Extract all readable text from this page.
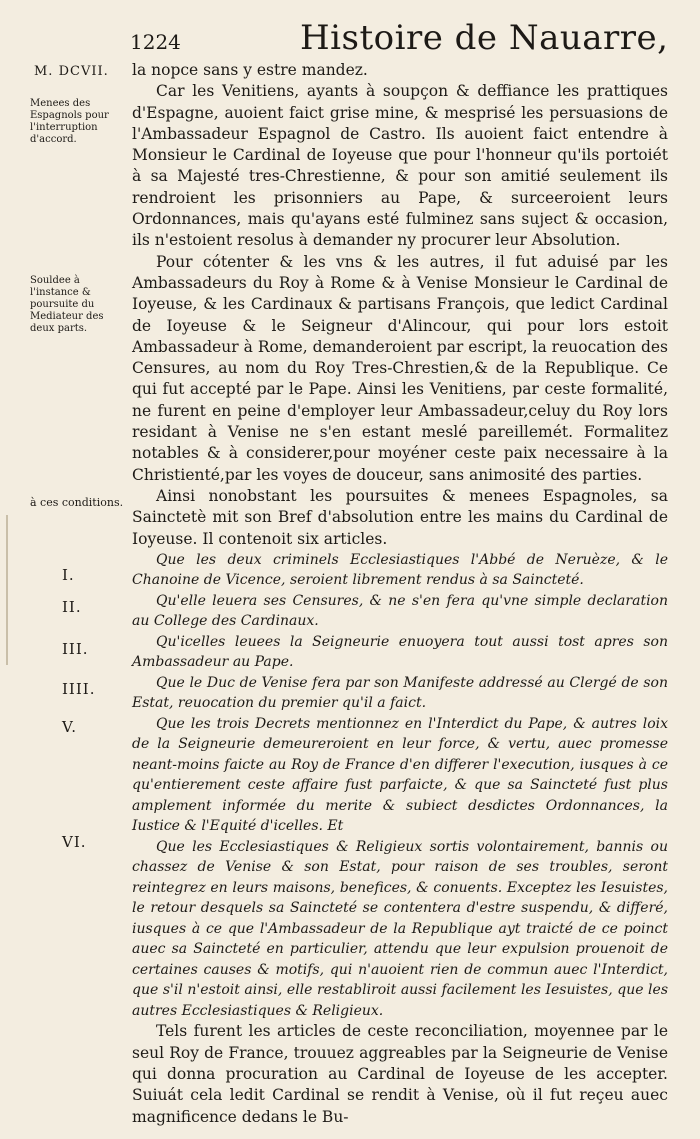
1224	Histoire de Nauarre,
M. DCVII.
Menees des Espagnols pour l'interruption d'accord.
Souldee à l'instance & poursuite du Mediateur des deux parts.
à ces conditions.
I.
II.
III.
IIII.
V.
VI.

la nopce sans y estre mandez.

Car les Venitiens, ayants à soupçon & deffiance les prattiques d'Espagne, auoient faict grise mine, & mesprisé les persuasions de l'Ambassadeur Espagnol de Castro. Ils auoient faict entendre à Monsieur le Cardinal de Ioyeuse que pour l'honneur qu'ils portoiét à sa Majesté tres-Chrestienne, & pour son amitié seulement ils rendroient les prisonniers au Pape, & surceeroient leurs Ordonnances, mais qu'ayans esté fulminez sans suject & occasion, ils n'estoient resolus à demander ny procurer leur Absolution.

Pour cótenter & les vns & les autres, il fut aduisé par les Ambassadeurs du Roy à Rome & à Venise Monsieur le Cardinal de Ioyeuse, & les Cardinaux & partisans François, que ledict Cardinal de Ioyeuse & le Seigneur d'Alincour, qui pour lors estoit Ambassadeur à Rome, demanderoient par escript, la reuocation des Censures, au nom du Roy Tres-Chrestien,& de la Republique. Ce qui fut accepté par le Pape. Ainsi les Venitiens, par ceste formalité, ne furent en peine d'employer leur Ambassadeur,celuy du Roy lors residant à Venise ne s'en estant meslé pareillemét. Formalitez notables & à considerer,pour moyéner ceste paix necessaire à la Christienté,par les voyes de douceur, sans animosité des parties.

Ainsi nonobstant les poursuites & menees Espagnoles, sa Sainctetè mit son Bref d'absolution entre les mains du Cardinal de Ioyeuse. Il contenoit six articles.

Que les deux criminels Ecclesiastiques l'Abbé de Neruèze, & le Chanoine de Vicence, seroient librement rendus à sa Saincteté.

Qu'elle leuera ses Censures, & ne s'en fera qu'vne simple declaration au College des Cardinaux.

Qu'icelles leuees la Seigneurie enuoyera tout aussi tost apres son Ambassadeur au Pape.

Que le Duc de Venise fera par son Manifeste addressé au Clergé de son Estat, reuocation du premier qu'il a faict.

Que les trois Decrets mentionnez en l'Interdict du Pape, & autres loix de la Seigneurie demeureroient en leur force, & vertu, auec promesse neant-moins faicte au Roy de France d'en differer l'execution, iusques à ce qu'entierement ceste affaire fust parfaicte, & que sa Saincteté fust plus amplement informée du merite & subiect desdictes Ordonnances, la Iustice & l'Equité d'icelles. Et

Que les Ecclesiastiques & Religieux sortis volontairement, bannis ou chassez de Venise & son Estat, pour raison de ses troubles, seront reintegrez en leurs maisons, benefices, & conuents. Exceptez les Iesuistes, le retour desquels sa Saincteté se contentera d'estre suspendu, & differé, iusques à ce que l'Ambassadeur de la Republique ayt traicté de ce poinct auec sa Saincteté en particulier, attendu que leur expulsion prouenoit de certaines causes & motifs, qui n'auoient rien de commun auec l'Interdict, que s'il n'estoit ainsi, elle restabliroit aussi facilement les Iesuistes, que les autres Ecclesiastiques & Religieux.

Tels furent les articles de ceste reconciliation, moyennee par le seul Roy de France, trouuez aggreables par la Seigneurie de Venise qui donna procuration au Cardinal de Ioyeuse de les accepter. Suiuát cela ledit Cardinal se rendit à Venise, où il fut reçeu auec magnificence dedans le Bu-
